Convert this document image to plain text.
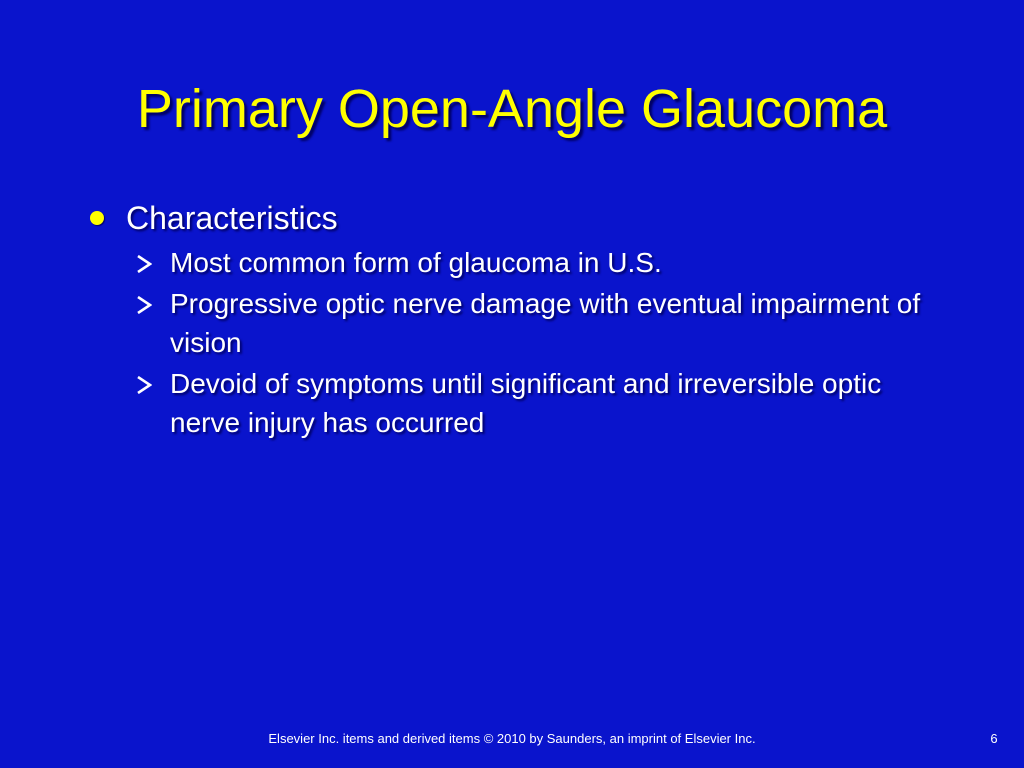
Primary Open-Angle Glaucoma
Characteristics
Most common form of glaucoma in U.S.
Progressive optic nerve damage with eventual impairment of vision
Devoid of symptoms until significant and irreversible optic nerve injury has occurred
Elsevier Inc. items and derived items © 2010 by Saunders, an imprint of Elsevier Inc.	6
